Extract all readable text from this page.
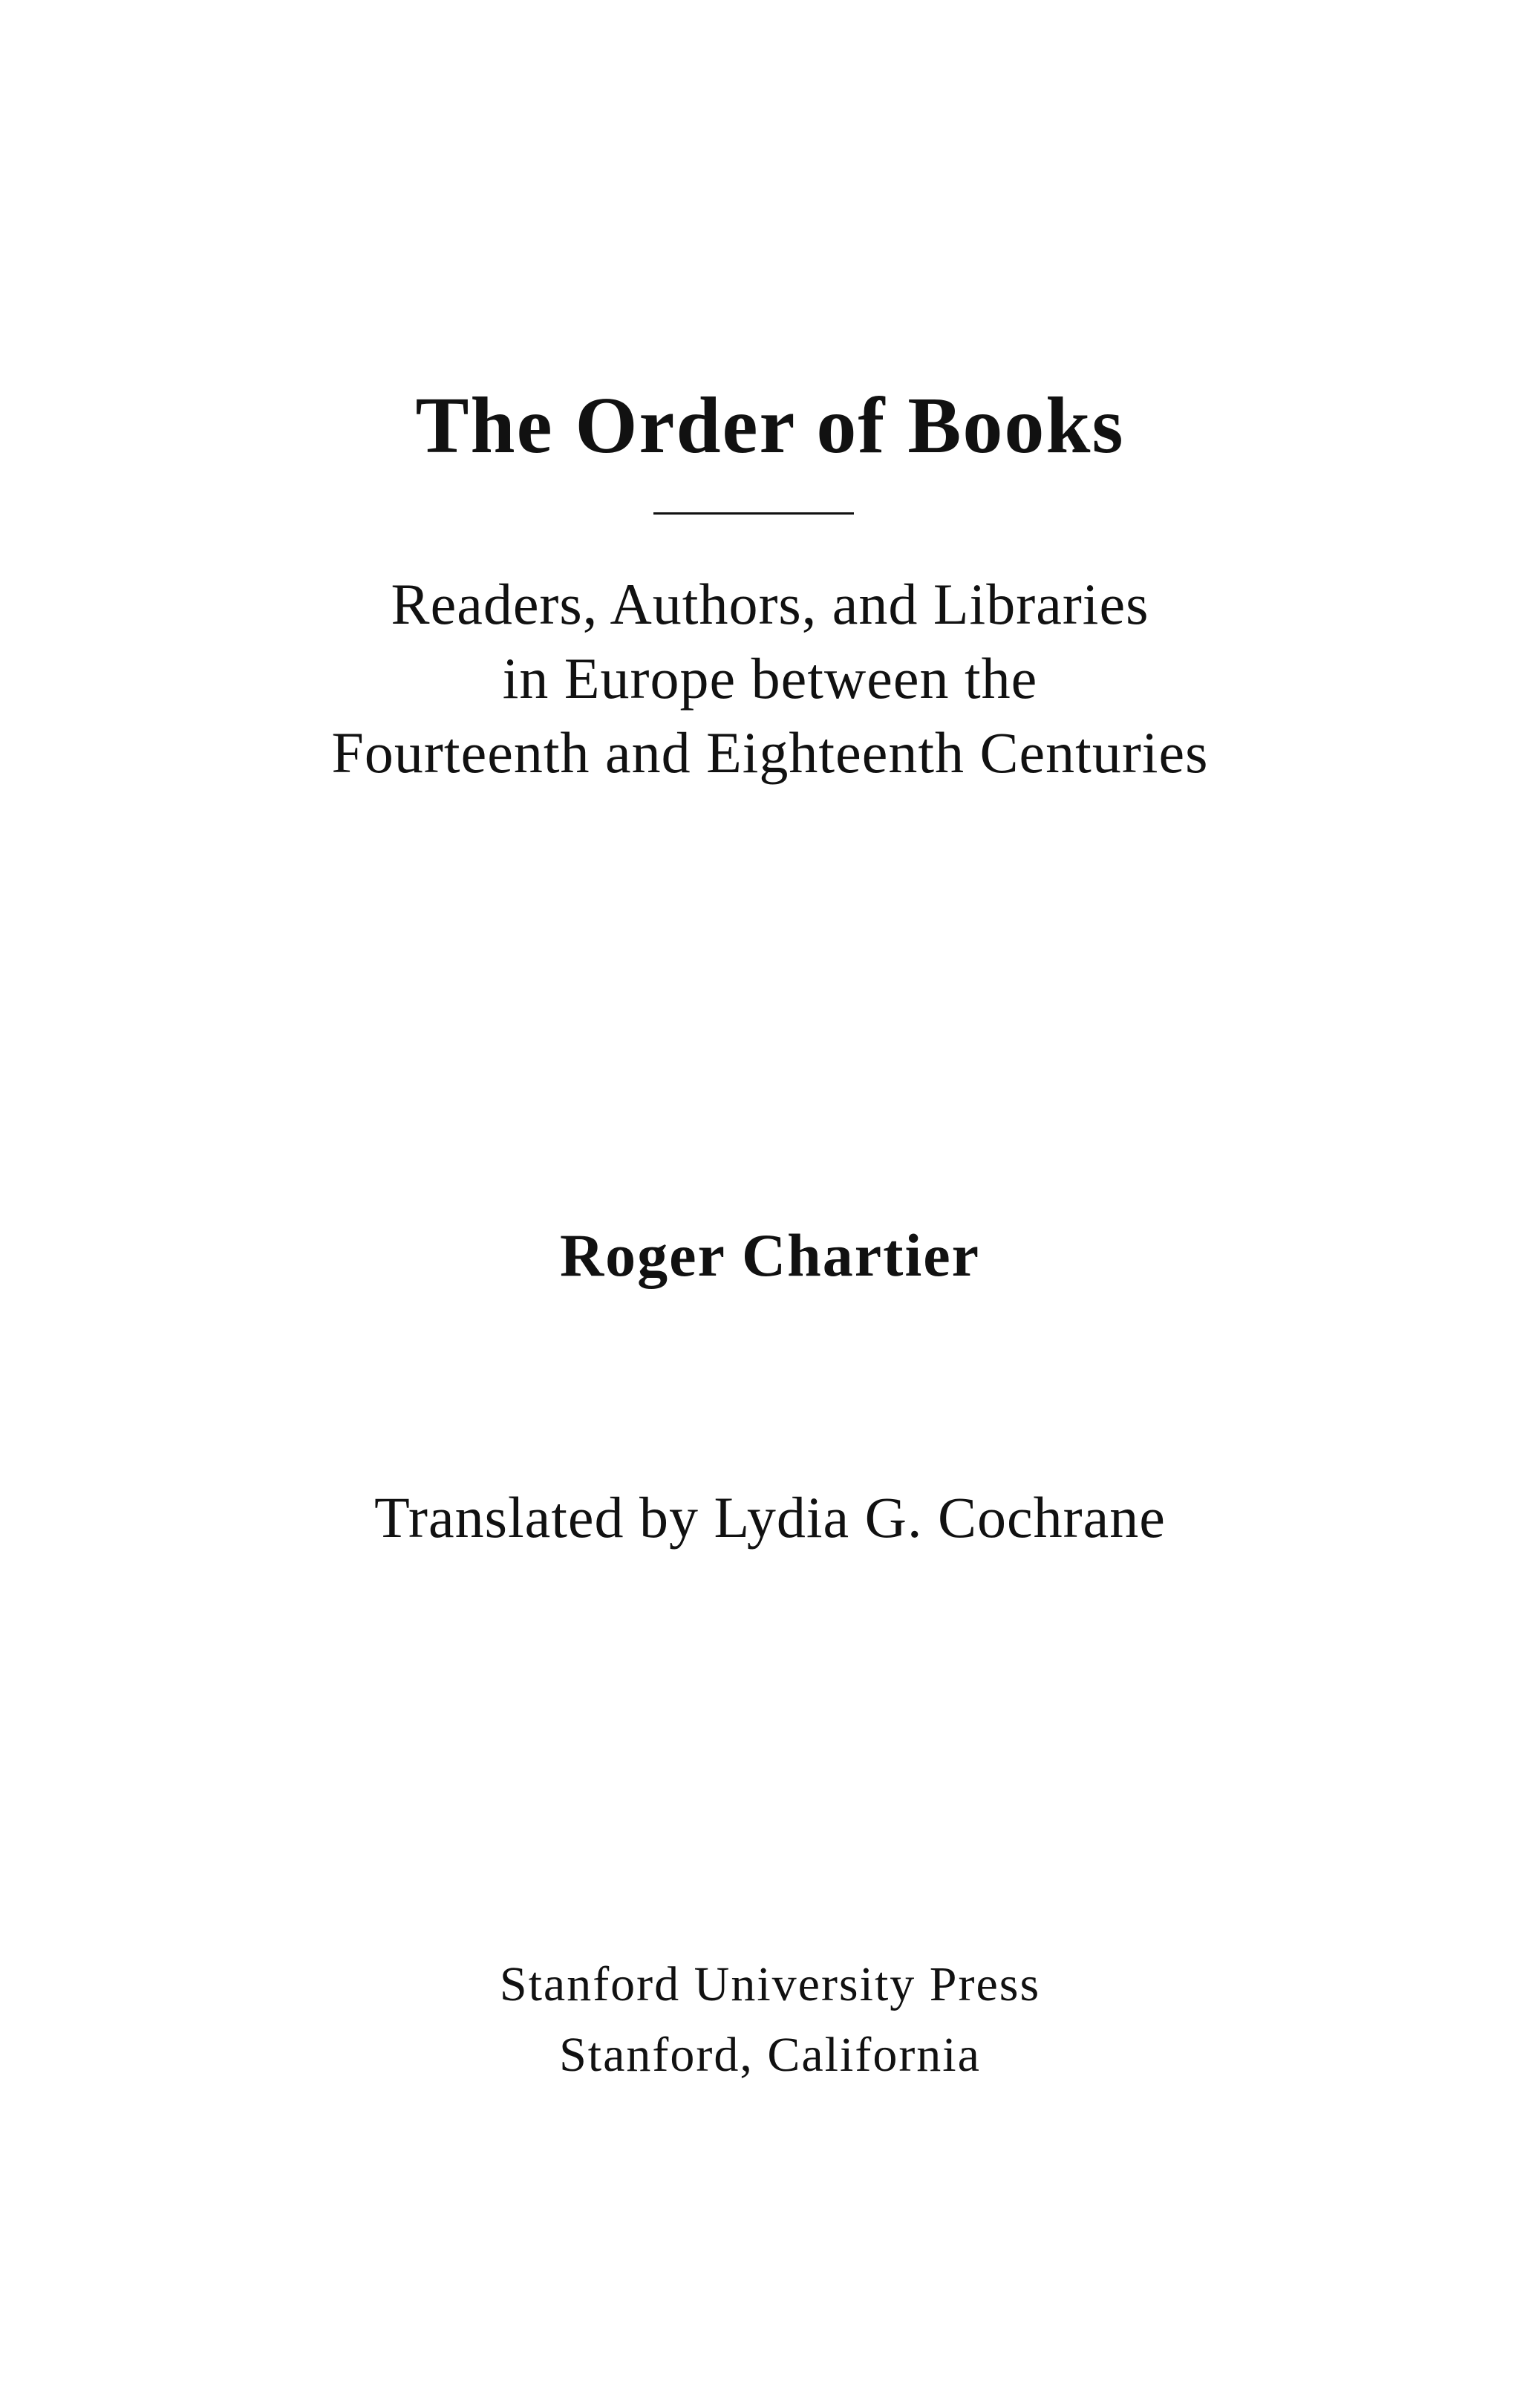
The Order of Books
Readers, Authors, and Libraries
in Europe between the
Fourteenth and Eighteenth Centuries
Roger Chartier
Translated by Lydia G. Cochrane
Stanford University Press
Stanford, California
